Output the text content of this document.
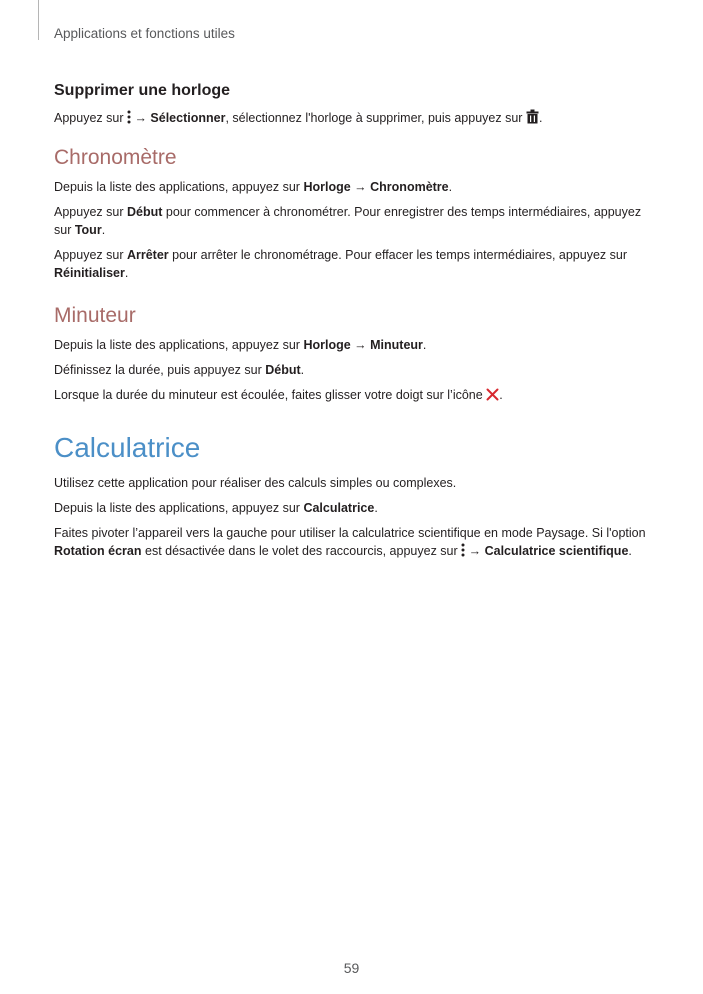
Applications et fonctions utiles
Supprimer une horloge

Appuyez sur  → Sélectionner, sélectionnez l'horloge à supprimer, puis appuyez sur .

Chronomètre

Depuis la liste des applications, appuyez sur Horloge → Chronomètre.

Appuyez sur Début pour commencer à chronométrer. Pour enregistrer des temps intermédiaires, appuyez sur Tour.

Appuyez sur Arrêter pour arrêter le chronométrage. Pour effacer les temps intermédiaires, appuyez sur Réinitialiser.

Minuteur

Depuis la liste des applications, appuyez sur Horloge → Minuteur.

Définissez la durée, puis appuyez sur Début.

Lorsque la durée du minuteur est écoulée, faites glisser votre doigt sur l’icône .

Calculatrice

Utilisez cette application pour réaliser des calculs simples ou complexes.

Depuis la liste des applications, appuyez sur Calculatrice.

Faites pivoter l’appareil vers la gauche pour utiliser la calculatrice scientifique en mode Paysage. Si l'option Rotation écran est désactivée dans le volet des raccourcis, appuyez sur  → Calculatrice scientifique.

59
